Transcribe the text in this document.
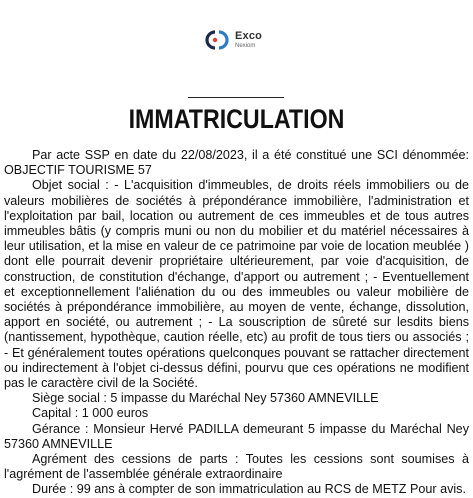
Exco
Nexiom
IMMATRICULATION

Par acte SSP en date du 22/08/2023, il a été constitué une SCI dénommée: OBJECTIF TOURISME 57

Objet social : - L'acquisition d'immeubles, de droits réels immobiliers ou de valeurs mobilières de sociétés à prépondérance immobilière, l'administration et l'exploitation par bail, location ou autrement de ces immeubles et de tous autres immeubles bâtis (y compris muni ou non du mobilier et du matériel nécessaires à leur utilisation, et la mise en valeur de ce patrimoine par voie de location meublée ) dont elle pourrait devenir propriétaire ultérieurement, par voie d'acquisition, de construction, de constitution d'échange, d'apport ou autrement ; - Eventuellement et exceptionnellement l'aliénation du ou des immeubles ou valeur mobilière de sociétés à prépondérance immobilière, au moyen de vente, échange, dissolution, apport en société, ou autrement ; - La souscription de sûreté sur lesdits biens (nantissement, hypothèque, caution réelle, etc) au profit de tous tiers ou associés ; - Et généralement toutes opérations quelconques pouvant se rattacher directement ou indirectement à l'objet ci-dessus défini, pourvu que ces opérations ne modifient pas le caractère civil de la Société.

Siège social : 5 impasse du Maréchal Ney 57360 AMNEVILLE

Capital : 1 000 euros

Gérance : Monsieur Hervé PADILLA demeurant 5 impasse du Maréchal Ney 57360 AMNEVILLE

Agrément des cessions de parts : Toutes les cessions sont soumises à l'agrément de l'assemblée générale extraordinaire

Durée : 99 ans à compter de son immatriculation au RCS de METZ Pour avis.
